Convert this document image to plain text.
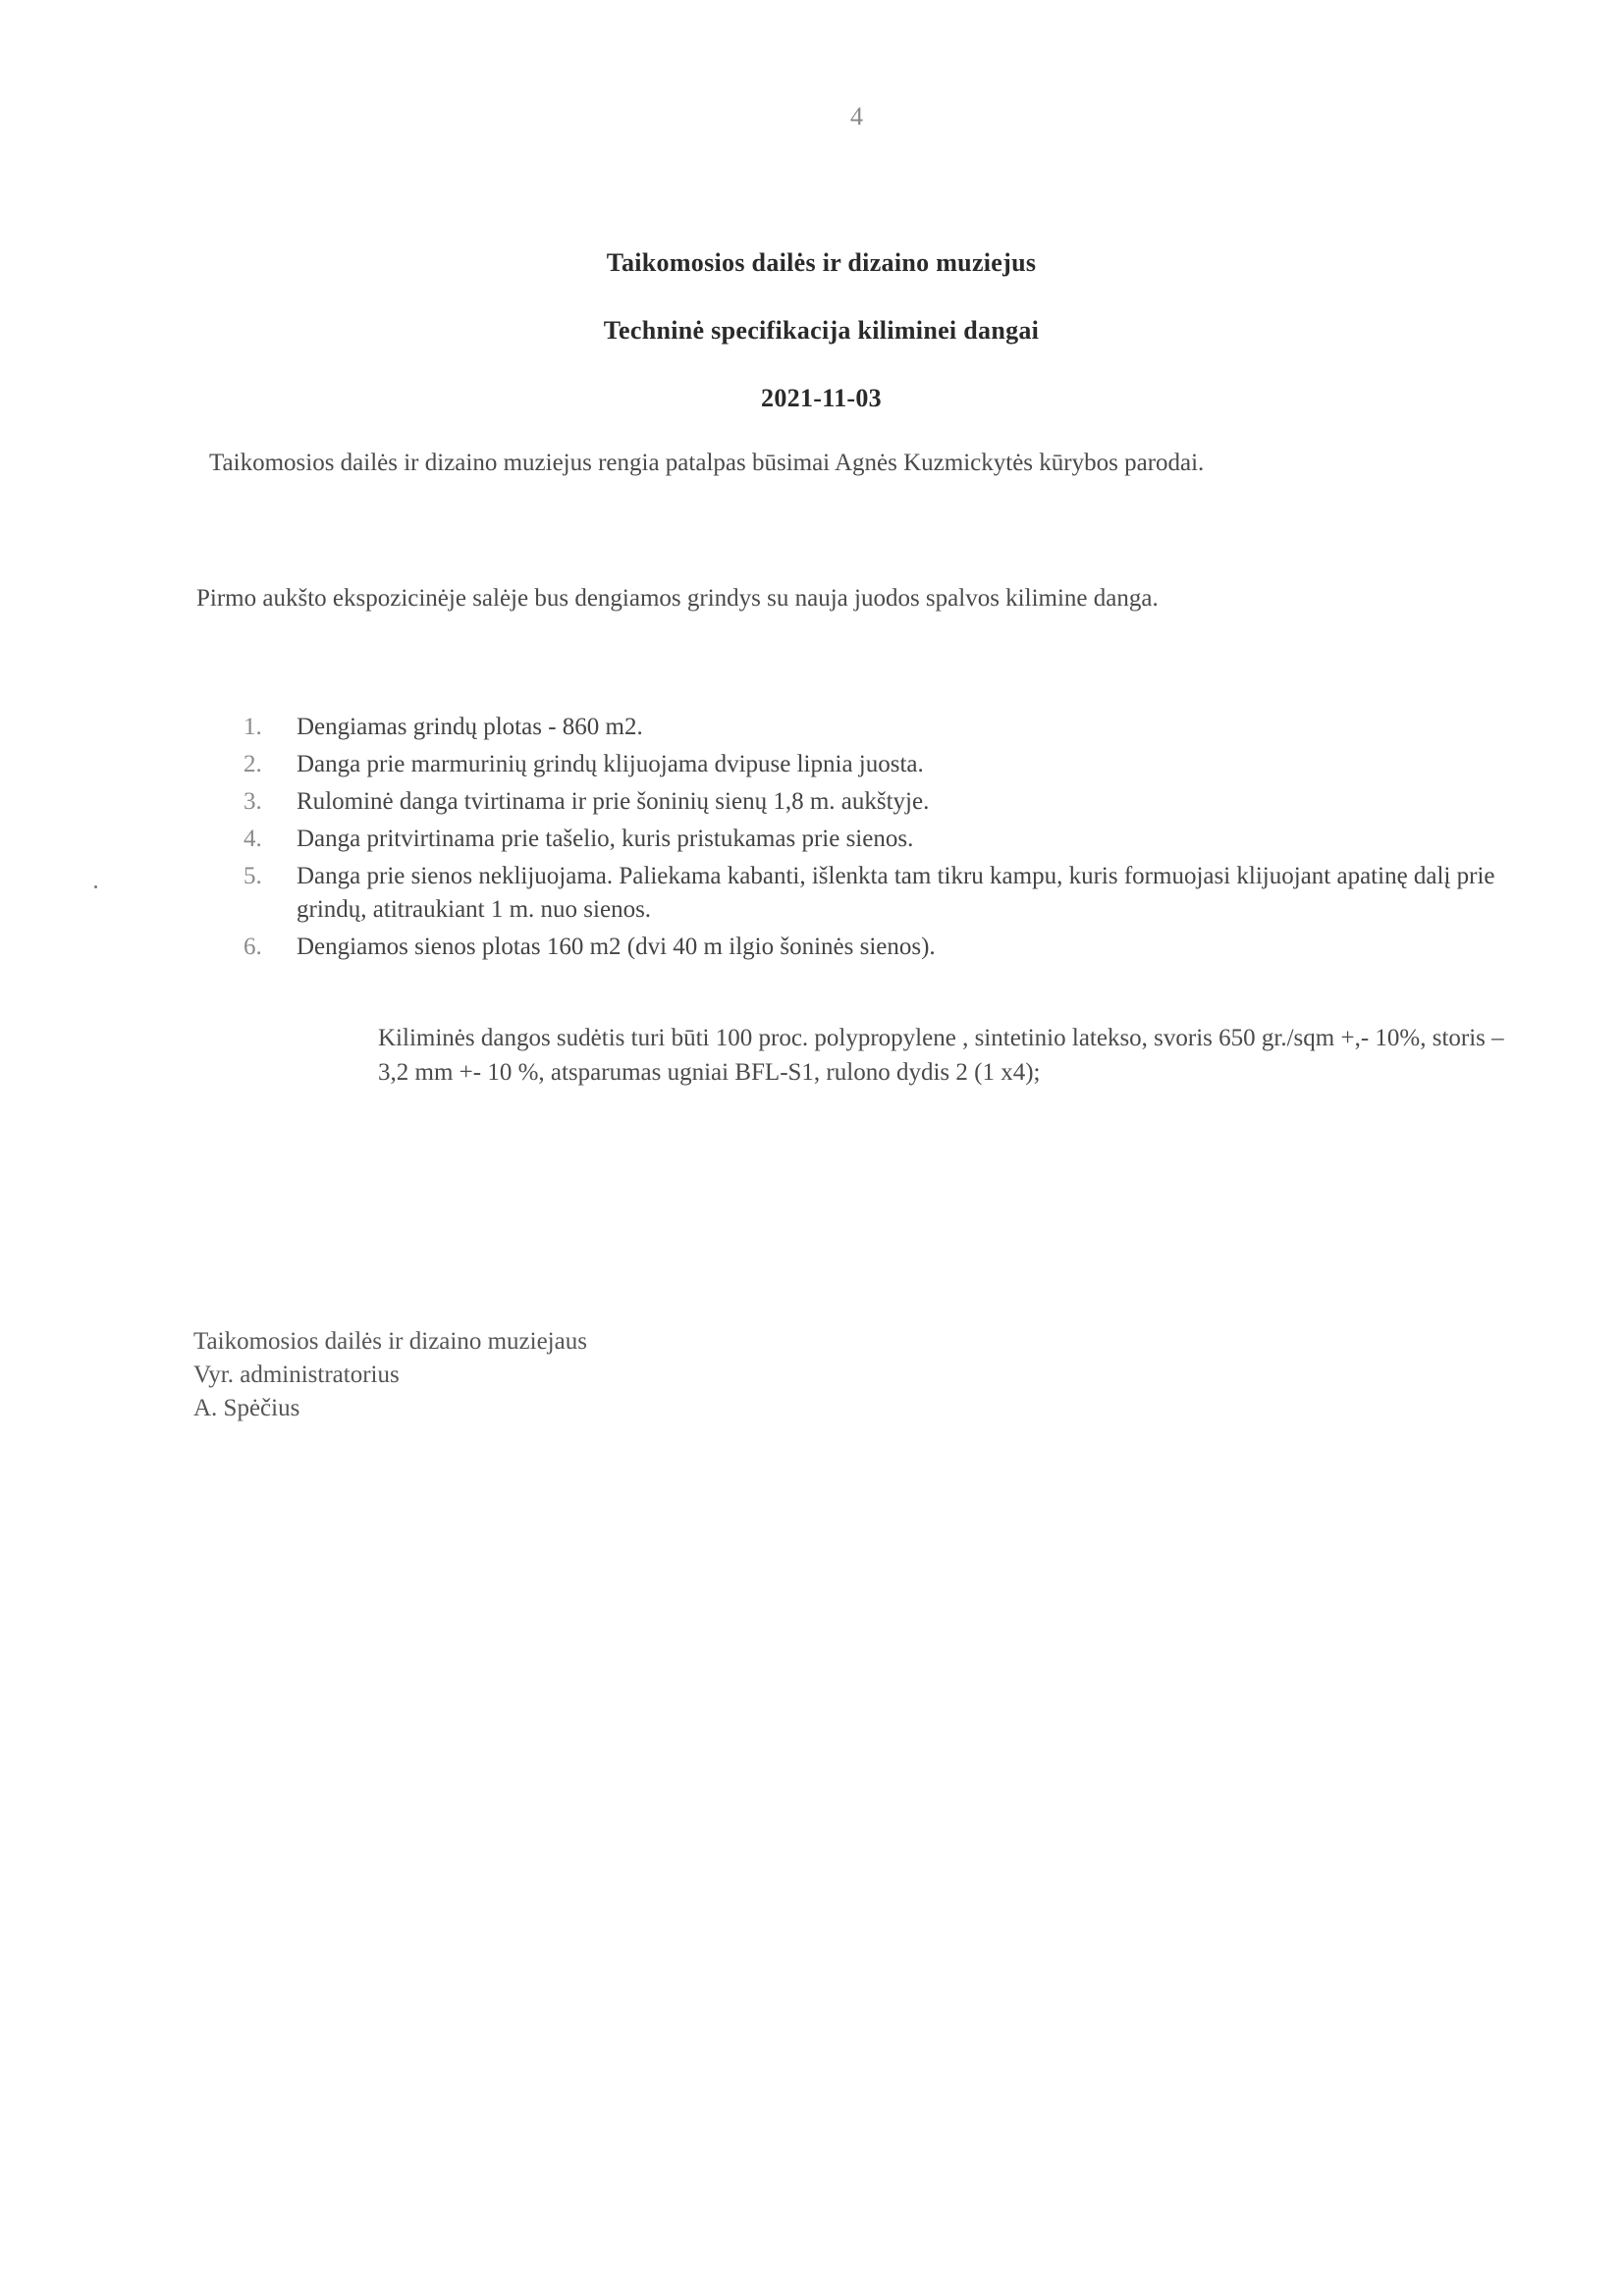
4
Taikomosios dailės ir dizaino muziejus
Techninė specifikacija kiliminei dangai
2021-11-03
Taikomosios dailės ir dizaino muziejus rengia patalpas būsimai Agnės Kuzmickytės kūrybos parodai.
Pirmo aukšto ekspozicinėje salėje bus dengiamos grindys su nauja juodos spalvos kilimine danga.
1.	Dengiamas grindų plotas - 860 m2.
2.	Danga prie marmurinių grindų klijuojama dvipuse lipnia juosta.
3.	Rulominė danga tvirtinama ir prie šoninių sienų 1,8 m. aukštyje.
4.	Danga pritvirtinama prie tašelio, kuris pristukamas prie sienos.
5.	Danga prie sienos neklijuojama. Paliekama kabanti, išlenkta tam tikru kampu, kuris formuojasi klijuojant apatinę dalį prie grindų, atitraukiant 1 m. nuo sienos.
6.	Dengiamos sienos plotas 160 m2 (dvi 40 m ilgio šoninės sienos).
Kiliminės dangos sudėtis turi būti 100 proc. polypropylene , sintetinio latekso, svoris 650 gr./sqm +,- 10%, storis – 3,2 mm +- 10 %, atsparumas ugniai BFL-S1, rulono dydis 2 (1 x4);
Taikomosios dailės ir dizaino muziejaus
Vyr. administratorius
A. Spėčius
